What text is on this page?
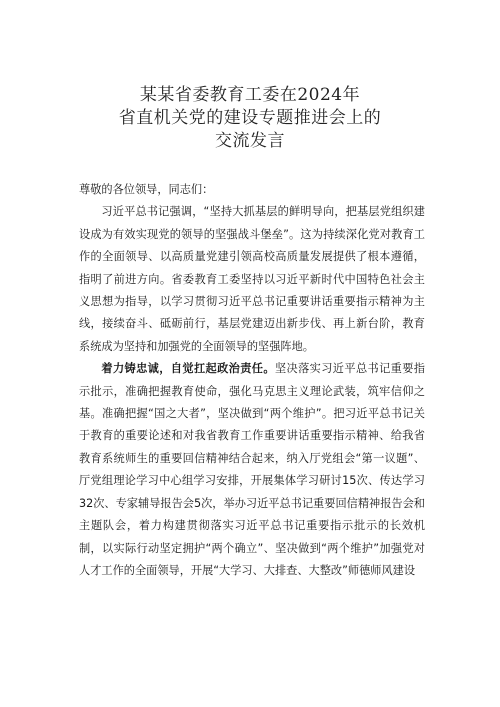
某某省委教育工委在2024年
省直机关党的建设专题推进会上的
交流发言

尊敬的各位领导，同志们：

习近平总书记强调，“坚持大抓基层的鲜明导向，把基层党组织建设成为有效实现党的领导的坚强战斗堡垒”。这为持续深化党对教育工作的全面领导、以高质量党建引领高校高质量发展提供了根本遵循，指明了前进方向。省委教育工委坚持以习近平新时代中国特色社会主义思想为指导，以学习贯彻习近平总书记重要讲话重要指示精神为主线，接续奋斗、砥砺前行，基层党建迈出新步伐、再上新台阶，教育系统成为坚持和加强党的全面领导的坚强阵地。

着力铸忠诚，自觉扛起政治责任。坚决落实习近平总书记重要指示批示，准确把握教育使命，强化马克思主义理论武装，筑牢信仰之基。准确把握“国之大者”，坚决做到“两个维护”。把习近平总书记关于教育的重要论述和对我省教育工作重要讲话重要指示精神、给我省教育系统师生的重要回信精神结合起来，纳入厅党组会“第一议题”、厅党组理论学习中心组学习安排，开展集体学习研讨15次、传达学习32次、专家辅导报告会5次，举办习近平总书记重要回信精神报告会和主题队会，着力构建贯彻落实习近平总书记重要指示批示的长效机制，以实际行动坚定拥护“两个确立”、坚决做到“两个维护”加强党对人才工作的全面领导，开展“大学习、大排查、大整改”师德师风建设
